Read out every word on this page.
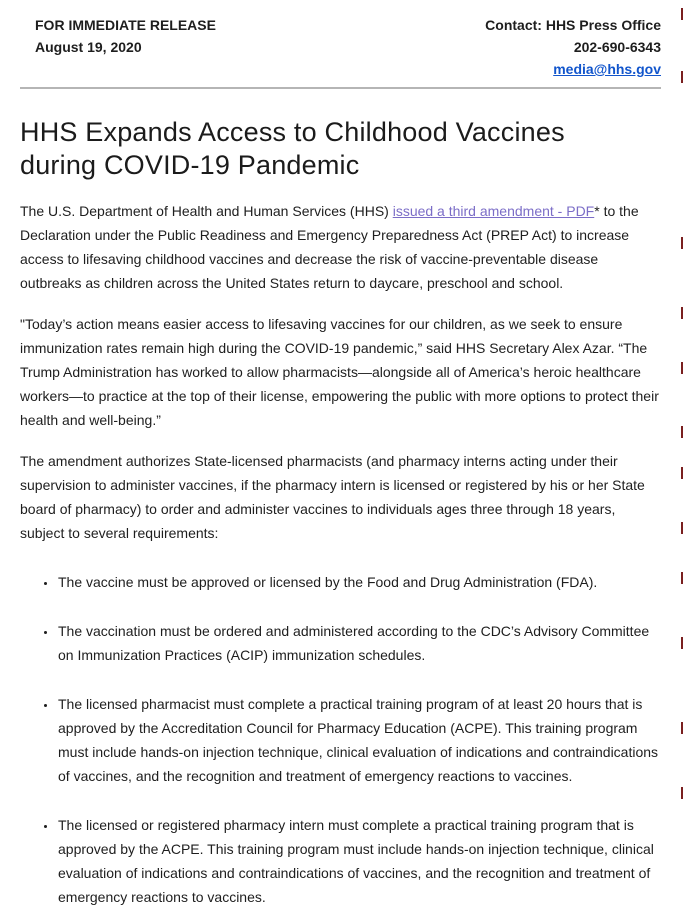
FOR IMMEDIATE RELEASE
August 19, 2020
Contact: HHS Press Office
202-690-6343
media@hhs.gov
HHS Expands Access to Childhood Vaccines during COVID-19 Pandemic

The U.S. Department of Health and Human Services (HHS) issued a third amendment - PDF* to the Declaration under the Public Readiness and Emergency Preparedness Act (PREP Act) to increase access to lifesaving childhood vaccines and decrease the risk of vaccine-preventable disease outbreaks as children across the United States return to daycare, preschool and school.

"Today’s action means easier access to lifesaving vaccines for our children, as we seek to ensure immunization rates remain high during the COVID-19 pandemic,” said HHS Secretary Alex Azar. “The Trump Administration has worked to allow pharmacists—alongside all of America’s heroic healthcare workers—to practice at the top of their license, empowering the public with more options to protect their health and well-being.”

The amendment authorizes State-licensed pharmacists (and pharmacy interns acting under their supervision to administer vaccines, if the pharmacy intern is licensed or registered by his or her State board of pharmacy) to order and administer vaccines to individuals ages three through 18 years, subject to several requirements:

• The vaccine must be approved or licensed by the Food and Drug Administration (FDA).
• The vaccination must be ordered and administered according to the CDC’s Advisory Committee on Immunization Practices (ACIP) immunization schedules.
• The licensed pharmacist must complete a practical training program of at least 20 hours that is approved by the Accreditation Council for Pharmacy Education (ACPE). This training program must include hands-on injection technique, clinical evaluation of indications and contraindications of vaccines, and the recognition and treatment of emergency reactions to vaccines.
• The licensed or registered pharmacy intern must complete a practical training program that is approved by the ACPE. This training program must include hands-on injection technique, clinical evaluation of indications and contraindications of vaccines, and the recognition and treatment of emergency reactions to vaccines.
